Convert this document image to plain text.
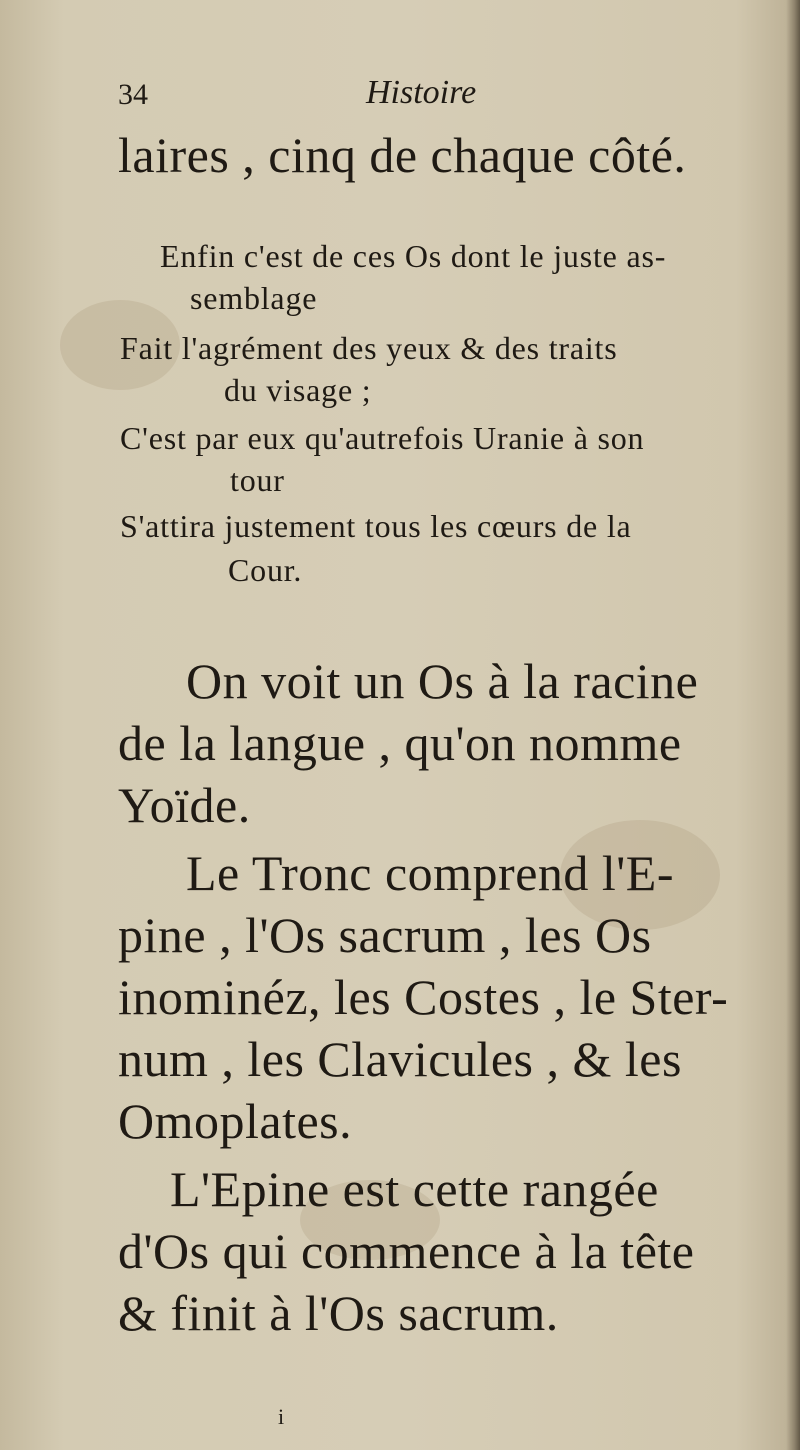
34	Histoire
laires , cinq de chaque côté.
Enfin c'est de ces Os dont le juste as-
semblage
Fait l'agrément des yeux & des traits
du visage ;
C'est par eux qu'autrefois Uranie à son
tour
S'attira justement tous les cœurs de la
Cour.
On voit un Os à la racine
de la langue , qu'on nomme
Yoïde.
Le Tronc comprend l'E-
pine , l'Os sacrum , les Os
inominéz, les Costes , le Ster-
num , les Clavicules , & les
Omoplates.
L'Epine est cette rangée
d'Os qui commence à la tête
& finit à l'Os sacrum.
i
